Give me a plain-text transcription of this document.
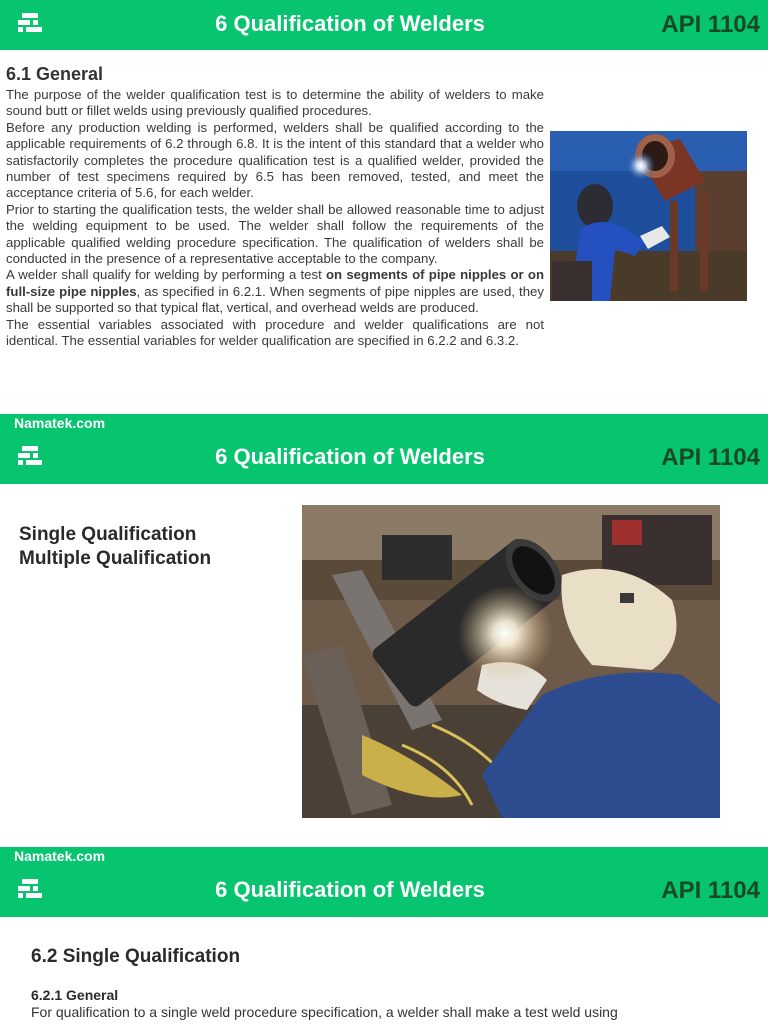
6 Qualification of Welders	API 1104
6.1 General

The purpose of the welder qualification test is to determine the ability of welders to make sound butt or fillet welds using previously qualified procedures.

Before any production welding is performed, welders shall be qualified according to the applicable requirements of 6.2 through 6.8. It is the intent of this standard that a welder who satisfactorily completes the procedure qualification test is a qualified welder, provided the number of test specimens required by 6.5 has been removed, tested, and meet the acceptance criteria of 5.6, for each welder.

Prior to starting the qualification tests, the welder shall be allowed reasonable time to adjust the welding equipment to be used. The welder shall follow the requirements of the applicable qualified welding procedure specification. The qualification of welders shall be conducted in the presence of a representative acceptable to the company.

A welder shall qualify for welding by performing a test on segments of pipe nipples or on full-size pipe nipples, as specified in 6.2.1. When segments of pipe nipples are used, they shall be supported so that typical flat, vertical, and overhead welds are produced.

The essential variables associated with procedure and welder qualifications are not identical. The essential variables for welder qualification are specified in 6.2.2 and 6.3.2.

Namatek.com
6 Qualification of Welders	API 1104
Single Qualification
Multiple Qualification
Namatek.com
6 Qualification of Welders	API 1104
6.2 Single Qualification
6.2.1 General
For qualification to a single weld procedure specification, a welder shall make a test weld using
